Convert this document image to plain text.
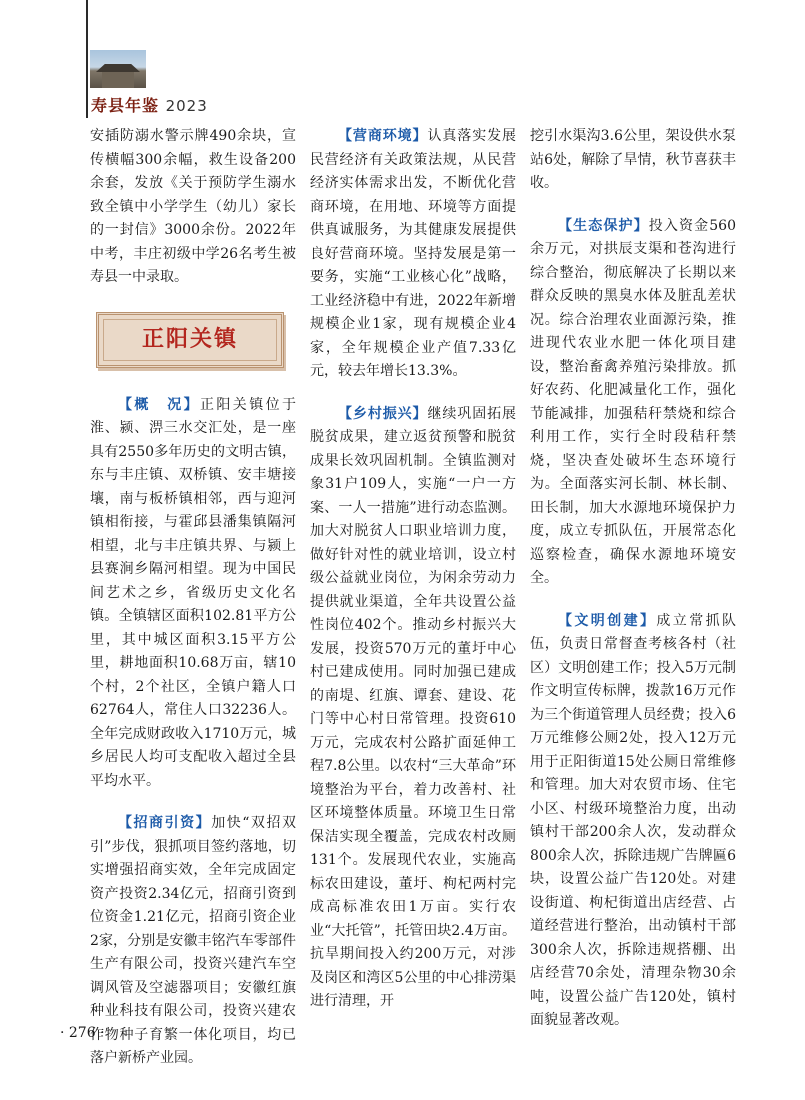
寿县年鉴 2023

安插防溺水警示牌490余块，宣传横幅300余幅，救生设备200余套，发放《关于预防学生溺水致全镇中小学学生（幼儿）家长的一封信》3000余份。2022年中考，丰庄初级中学26名考生被寿县一中录取。

正阳关镇

【概　况】正阳关镇位于淮、颍、淠三水交汇处，是一座具有2550多年历史的文明古镇，东与丰庄镇、双桥镇、安丰塘接壤，南与板桥镇相邻，西与迎河镇相衔接，与霍邱县潘集镇隔河相望，北与丰庄镇共界、与颍上县赛涧乡隔河相望。现为中国民间艺术之乡，省级历史文化名镇。全镇辖区面积102.81平方公里，其中城区面积3.15平方公里，耕地面积10.68万亩，辖10个村，2个社区，全镇户籍人口62764人，常住人口32236人。全年完成财政收入1710万元，城乡居民人均可支配收入超过全县平均水平。

【招商引资】加快“双招双引”步伐，狠抓项目签约落地，切实增强招商实效，全年完成固定资产投资2.34亿元，招商引资到位资金1.21亿元，招商引资企业2家，分别是安徽丰铭汽车零部件生产有限公司，投资兴建汽车空调风管及空滤器项目；安徽红旗种业科技有限公司，投资兴建农作物种子育繁一体化项目，均已落户新桥产业园。

【营商环境】认真落实发展民营经济有关政策法规，从民营经济实体需求出发，不断优化营商环境，在用地、环境等方面提供真诚服务，为其健康发展提供良好营商环境。坚持发展是第一要务，实施“工业核心化”战略，工业经济稳中有进，2022年新增规模企业1家，现有规模企业4家，全年规模企业产值7.33亿元，较去年增长13.3%。

【乡村振兴】继续巩固拓展脱贫成果，建立返贫预警和脱贫成果长效巩固机制。全镇监测对象31户109人，实施“一户一方案、一人一措施”进行动态监测。加大对脱贫人口职业培训力度，做好针对性的就业培训，设立村级公益就业岗位，为闲余劳动力提供就业渠道，全年共设置公益性岗位402个。推动乡村振兴大发展，投资570万元的董圩中心村已建成使用。同时加强已建成的南堤、红旗、谭套、建设、花门等中心村日常管理。投资610万元，完成农村公路扩面延伸工程7.8公里。以农村“三大革命”环境整治为平台，着力改善村、社区环境整体质量。环境卫生日常保洁实现全覆盖，完成农村改厕131个。发展现代农业，实施高标农田建设，董圩、枸杞两村完成高标准农田1万亩。实行农业“大托管”，托管田块2.4万亩。抗旱期间投入约200万元，对涉及岗区和湾区5公里的中心排涝渠进行清理，开

挖引水渠沟3.6公里，架设供水泵站6处，解除了旱情，秋节喜获丰收。

【生态保护】投入资金560余万元，对拱辰支渠和苍沟进行综合整治，彻底解决了长期以来群众反映的黑臭水体及脏乱差状况。综合治理农业面源污染，推进现代农业水肥一体化项目建设，整治畜禽养殖污染排放。抓好农药、化肥减量化工作，强化节能减排，加强秸秆禁烧和综合利用工作，实行全时段秸秆禁烧，坚决查处破坏生态环境行为。全面落实河长制、林长制、田长制，加大水源地环境保护力度，成立专抓队伍，开展常态化巡察检查，确保水源地环境安全。

【文明创建】成立常抓队伍，负责日常督查考核各村（社区）文明创建工作；投入5万元制作文明宣传标牌，拨款16万元作为三个街道管理人员经费；投入6万元维修公厕2处，投入12万元用于正阳街道15处公厕日常维修和管理。加大对农贸市场、住宅小区、村级环境整治力度，出动镇村干部200余人次，发动群众800余人次，拆除违规广告牌匾6块，设置公益广告120处。对建设街道、枸杞街道出店经营、占道经营进行整治，出动镇村干部300余人次，拆除违规搭棚、出店经营70余处，清理杂物30余吨，设置公益广告120处，镇村面貌显著改观。

· 276 ·
